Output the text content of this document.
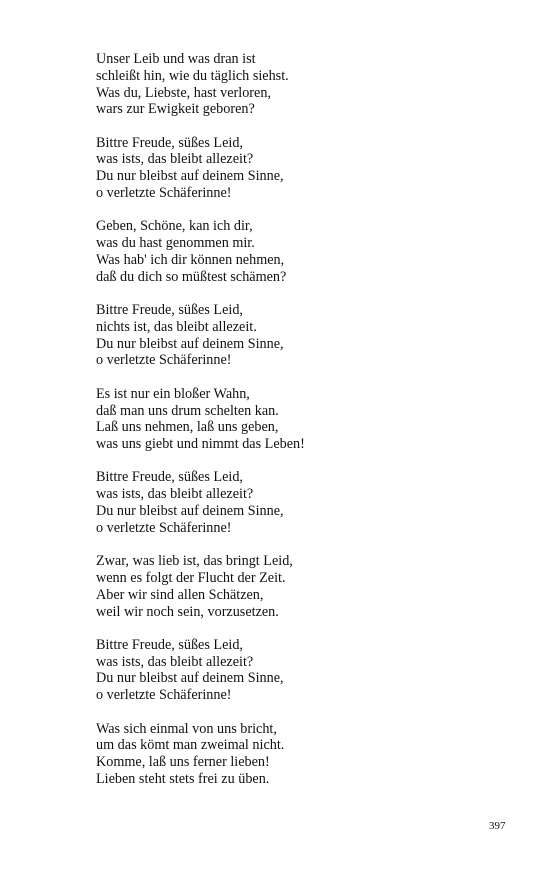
Unser Leib und was dran ist
schleißt hin, wie du täglich siehst.
Was du, Liebste, hast verloren,
wars zur Ewigkeit geboren?
Bittre Freude, süßes Leid,
was ists, das bleibt allezeit?
Du nur bleibst auf deinem Sinne,
o verletzte Schäferinne!
Geben, Schöne, kan ich dir,
was du hast genommen mir.
Was hab' ich dir können nehmen,
daß du dich so müßtest schämen?
Bittre Freude, süßes Leid,
nichts ist, das bleibt allezeit.
Du nur bleibst auf deinem Sinne,
o verletzte Schäferinne!
Es ist nur ein bloßer Wahn,
daß man uns drum schelten kan.
Laß uns nehmen, laß uns geben,
was uns giebt und nimmt das Leben!
Bittre Freude, süßes Leid,
was ists, das bleibt allezeit?
Du nur bleibst auf deinem Sinne,
o verletzte Schäferinne!
Zwar, was lieb ist, das bringt Leid,
wenn es folgt der Flucht der Zeit.
Aber wir sind allen Schätzen,
weil wir noch sein, vorzusetzen.
Bittre Freude, süßes Leid,
was ists, das bleibt allezeit?
Du nur bleibst auf deinem Sinne,
o verletzte Schäferinne!
Was sich einmal von uns bricht,
um das kömt man zweimal nicht.
Komme, laß uns ferner lieben!
Lieben steht stets frei zu üben.
397
